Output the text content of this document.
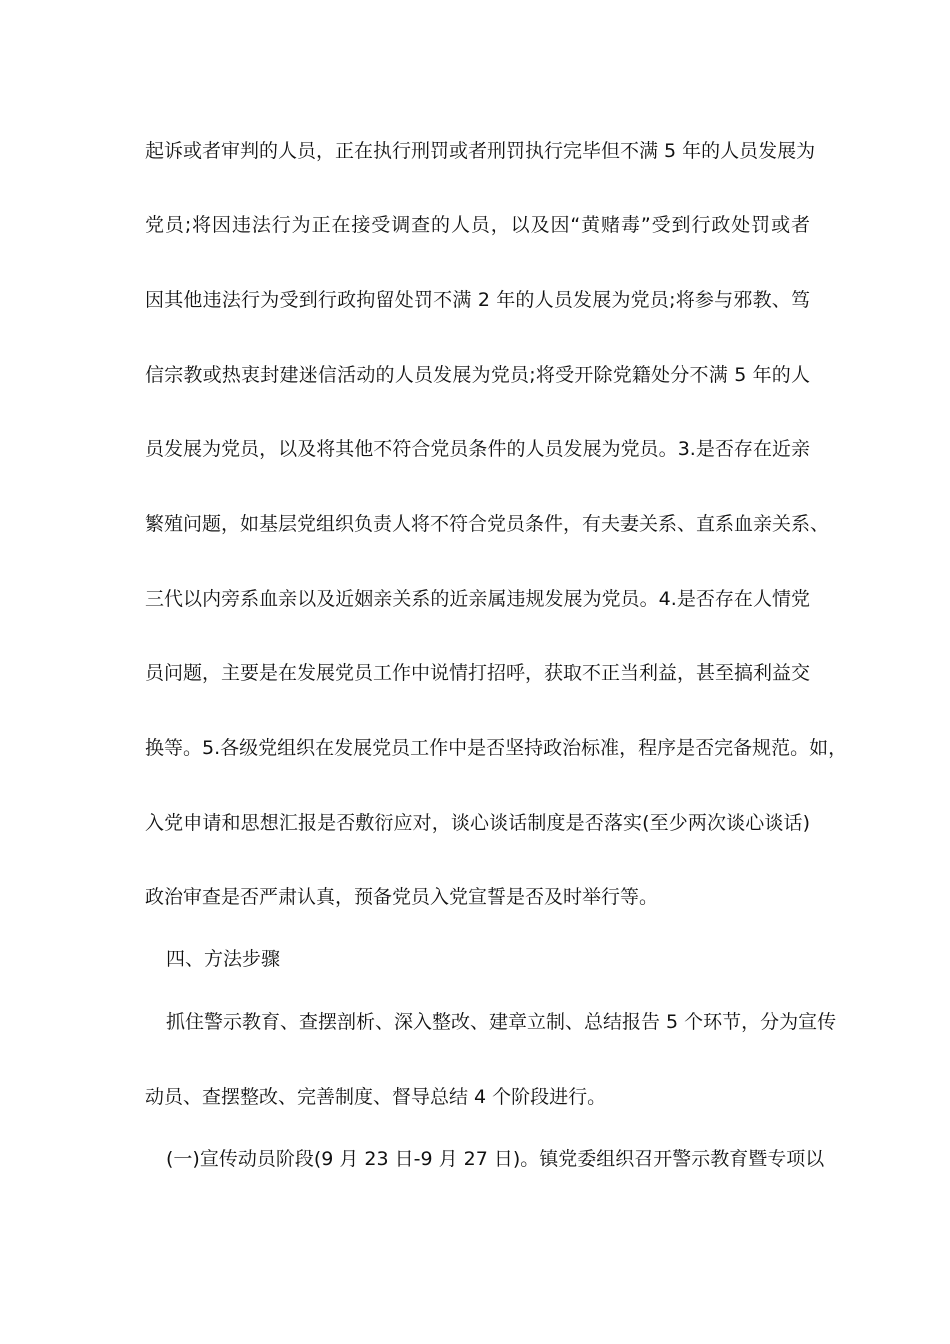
起诉或者审判的人员，正在执行刑罚或者刑罚执行完毕但不满 5 年的人员发展为
党员;将因违法行为正在接受调查的人员，以及因“黄赌毒”受到行政处罚或者
因其他违法行为受到行政拘留处罚不满 2 年的人员发展为党员;将参与邪教、笃
信宗教或热衷封建迷信活动的人员发展为党员;将受开除党籍处分不满 5 年的人
员发展为党员，以及将其他不符合党员条件的人员发展为党员。3.是否存在近亲
繁殖问题，如基层党组织负责人将不符合党员条件，有夫妻关系、直系血亲关系、
三代以内旁系血亲以及近姻亲关系的近亲属违规发展为党员。4.是否存在人情党
员问题，主要是在发展党员工作中说情打招呼，获取不正当利益，甚至搞利益交
换等。5.各级党组织在发展党员工作中是否坚持政治标准，程序是否完备规范。如，
入党申请和思想汇报是否敷衍应对，谈心谈话制度是否落实(至少两次谈心谈话)
政治审查是否严肃认真，预备党员入党宣誓是否及时举行等。
四、方法步骤
抓住警示教育、查摆剖析、深入整改、建章立制、总结报告 5 个环节，分为宣传
动员、查摆整改、完善制度、督导总结 4 个阶段进行。
(一)宣传动员阶段(9 月 23 日-9 月 27 日)。镇党委组织召开警示教育暨专项以
